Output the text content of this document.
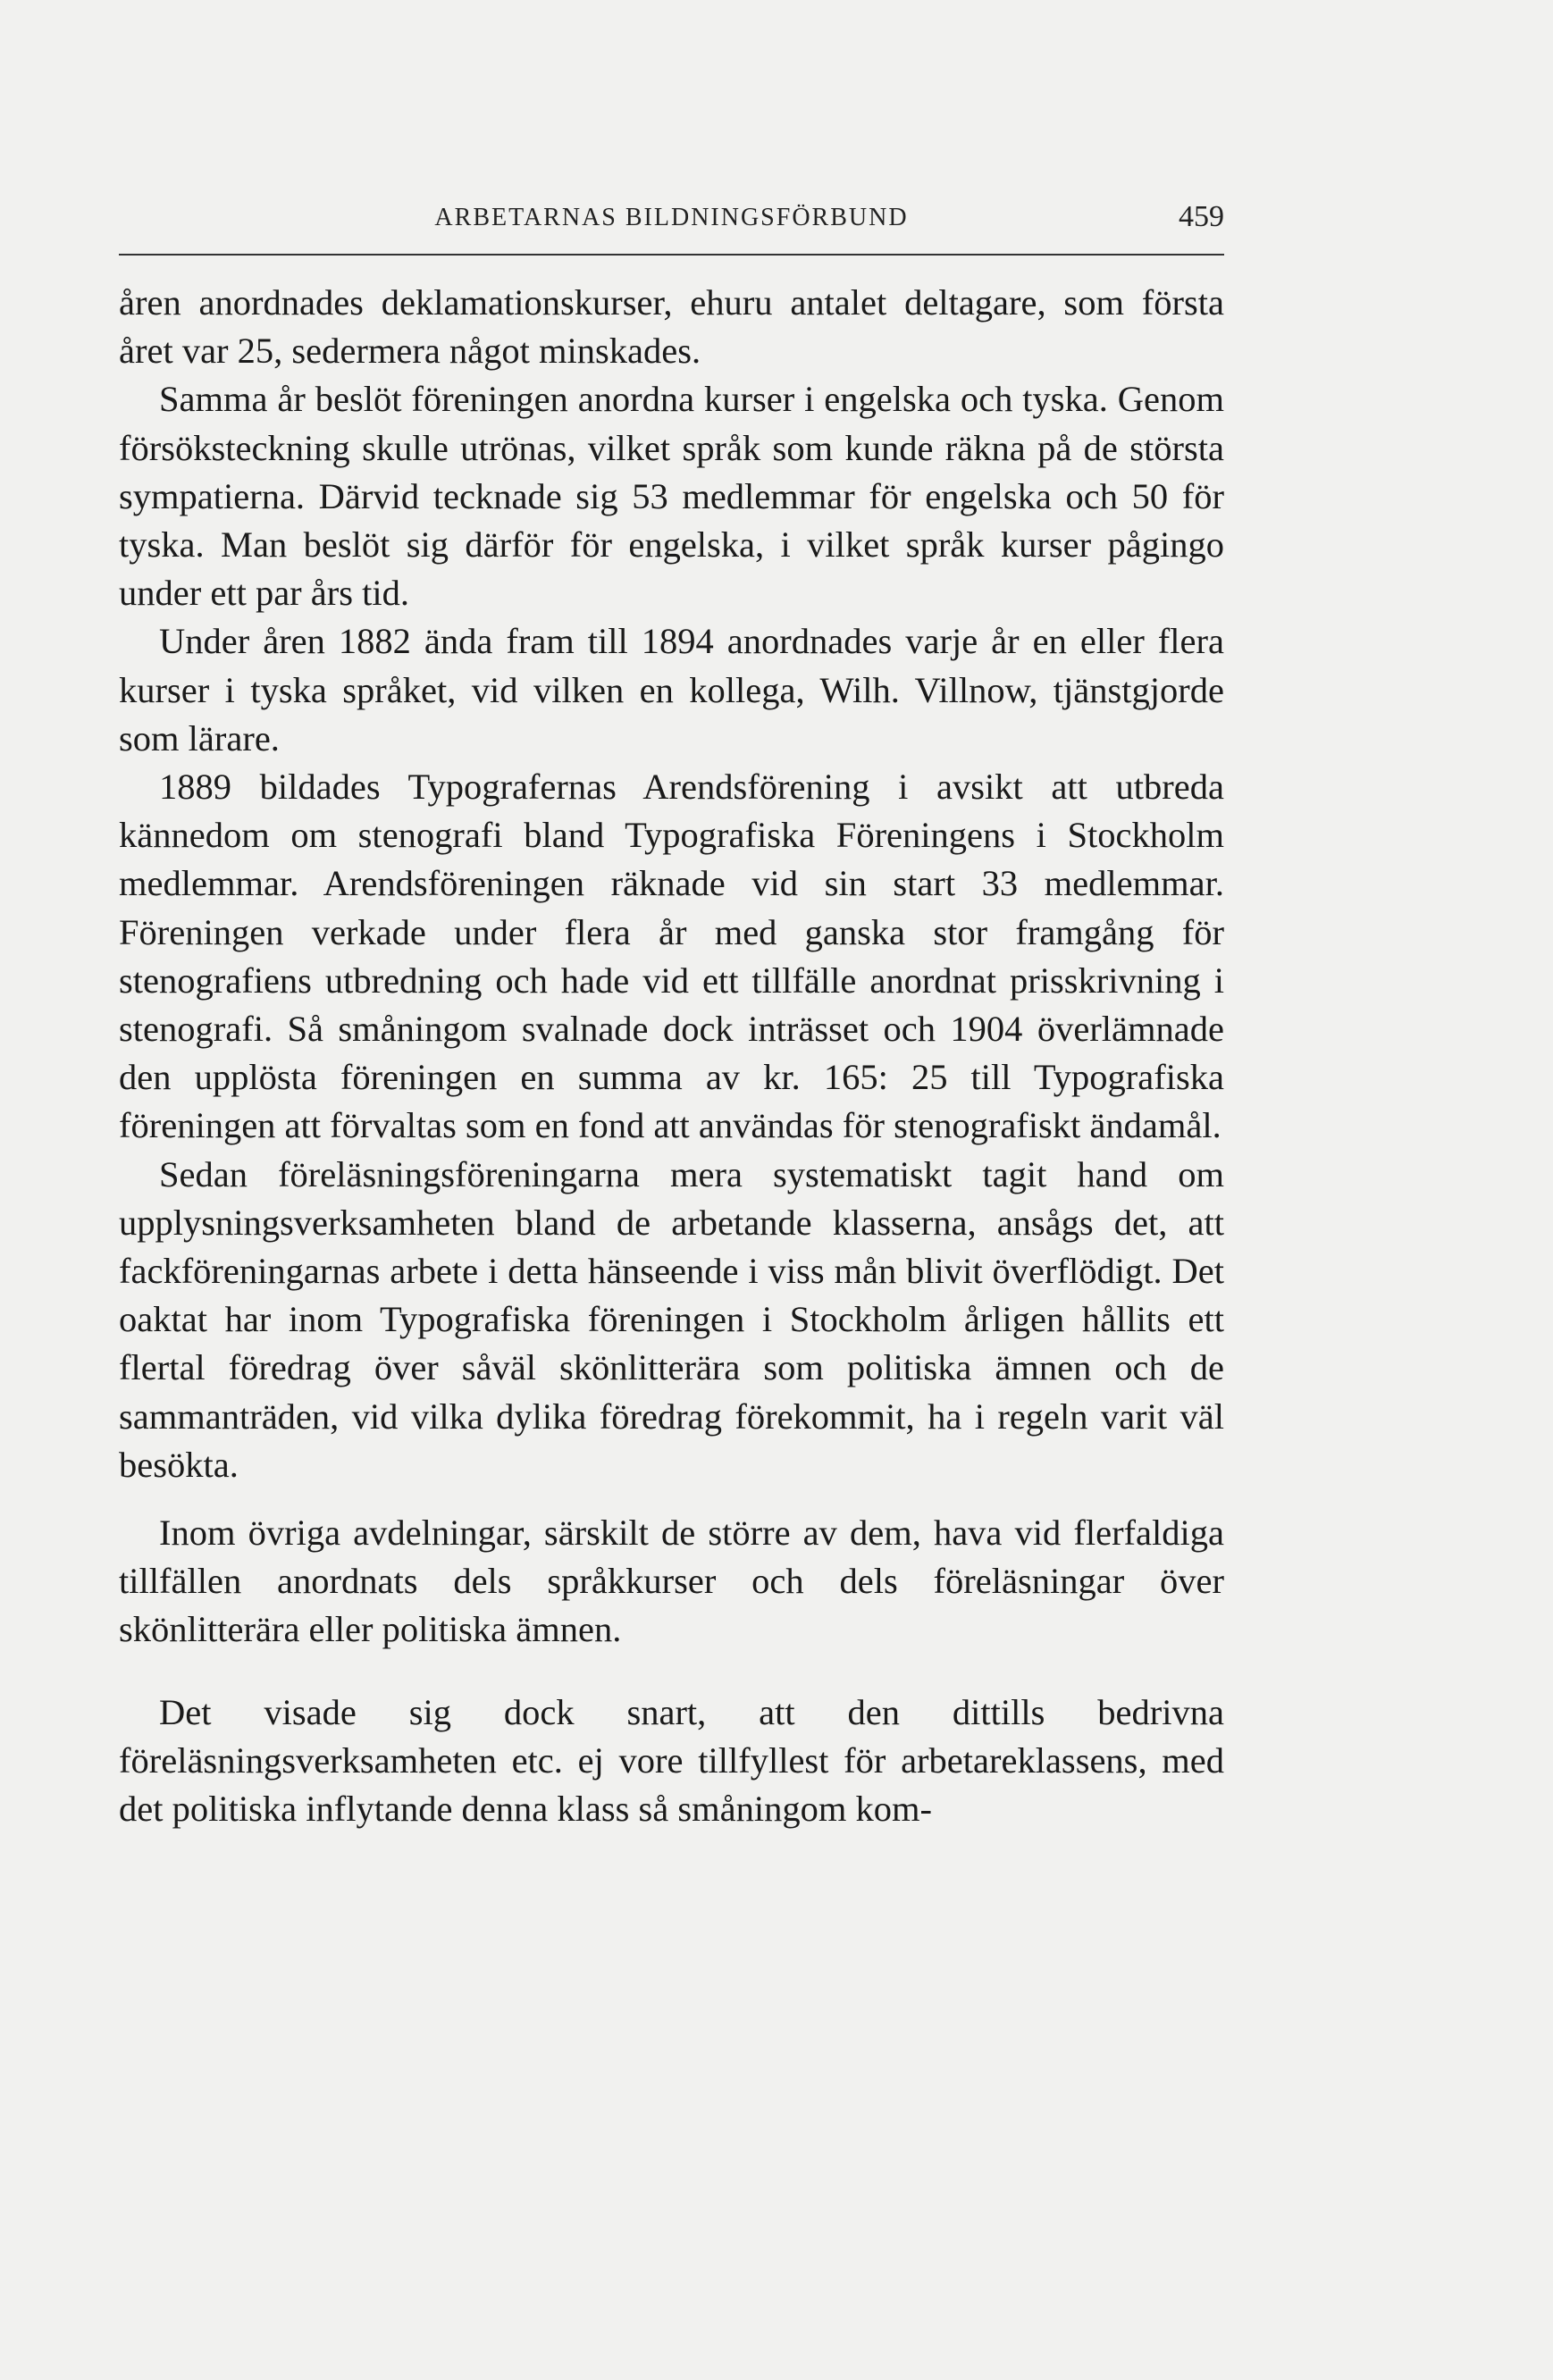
ARBETARNAS BILDNINGSFÖRBUND	459

åren anordnades deklamationskurser, ehuru antalet deltagare, som första året var 25, sedermera något minskades.

Samma år beslöt föreningen anordna kurser i engelska och tyska. Genom försöksteckning skulle utrönas, vilket språk som kunde räkna på de största sympatierna. Därvid tecknade sig 53 medlemmar för engelska och 50 för tyska. Man beslöt sig därför för engelska, i vilket språk kurser pågingo under ett par års tid.

Under åren 1882 ända fram till 1894 anordnades varje år en eller flera kurser i tyska språket, vid vilken en kollega, Wilh. Villnow, tjänstgjorde som lärare.

1889 bildades Typografernas Arendsförening i avsikt att utbreda kännedom om stenografi bland Typografiska Föreningens i Stockholm medlemmar. Arendsföreningen räknade vid sin start 33 medlemmar. Föreningen verkade under flera år med ganska stor framgång för stenografiens utbredning och hade vid ett tillfälle anordnat prisskrivning i stenografi. Så småningom svalnade dock inträsset och 1904 överlämnade den upplösta föreningen en summa av kr. 165: 25 till Typografiska föreningen att förvaltas som en fond att användas för stenografiskt ändamål.

Sedan föreläsningsföreningarna mera systematiskt tagit hand om upplysningsverksamheten bland de arbetande klasserna, ansågs det, att fackföreningarnas arbete i detta hänseende i viss mån blivit överflödigt. Det oaktat har inom Typografiska föreningen i Stockholm årligen hållits ett flertal föredrag över såväl skönlitterära som politiska ämnen och de sammanträden, vid vilka dylika föredrag förekommit, ha i regeln varit väl besökta.

Inom övriga avdelningar, särskilt de större av dem, hava vid flerfaldiga tillfällen anordnats dels språkkurser och dels föreläsningar över skönlitterära eller politiska ämnen.

Det visade sig dock snart, att den dittills bedrivna föreläsningsverksamheten etc. ej vore tillfyllest för arbetareklassens, med det politiska inflytande denna klass så småningom kom-
